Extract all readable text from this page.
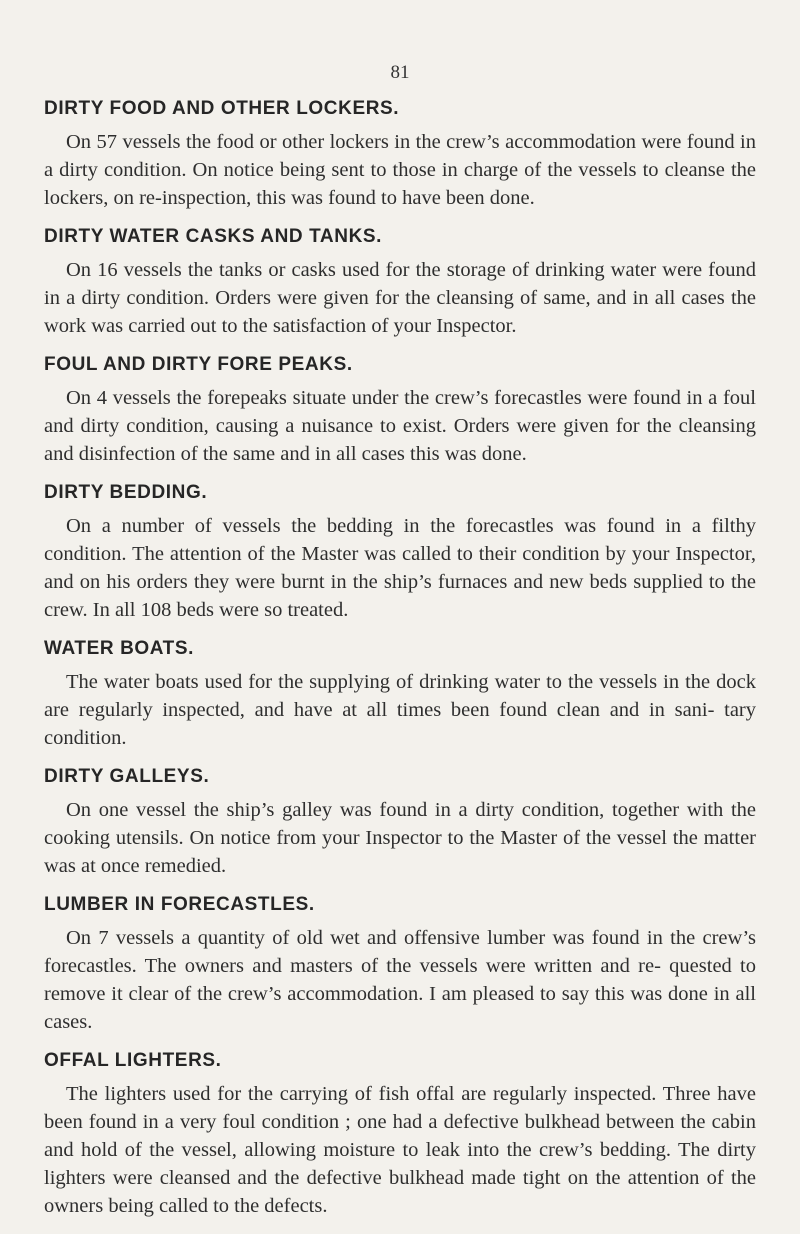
81
DIRTY FOOD AND OTHER LOCKERS.

On 57 vessels the food or other lockers in the crew’s accommodation were found in a dirty condition. On notice being sent to those in charge of the vessels to cleanse the lockers, on re-inspection, this was found to have been done.

DIRTY WATER CASKS AND TANKS.

On 16 vessels the tanks or casks used for the storage of drinking water were found in a dirty condition. Orders were given for the cleansing of same, and in all cases the work was carried out to the satisfaction of your Inspector.

FOUL AND DIRTY FORE PEAKS.

On 4 vessels the forepeaks situate under the crew’s forecastles were found in a foul and dirty condition, causing a nuisance to exist. Orders were given for the cleansing and disinfection of the same and in all cases this was done.

DIRTY BEDDING.

On a number of vessels the bedding in the forecastles was found in a filthy condition. The attention of the Master was called to their condition by your Inspector, and on his orders they were burnt in the ship’s furnaces and new beds supplied to the crew. In all 108 beds were so treated.

WATER BOATS.

The water boats used for the supplying of drinking water to the vessels in the dock are regularly inspected, and have at all times been found clean and in sani- tary condition.

DIRTY GALLEYS.

On one vessel the ship’s galley was found in a dirty condition, together with the cooking utensils. On notice from your Inspector to the Master of the vessel the matter was at once remedied.

LUMBER IN FORECASTLES.

On 7 vessels a quantity of old wet and offensive lumber was found in the crew’s forecastles. The owners and masters of the vessels were written and re- quested to remove it clear of the crew’s accommodation. I am pleased to say this was done in all cases.

OFFAL LIGHTERS.

The lighters used for the carrying of fish offal are regularly inspected. Three have been found in a very foul condition ; one had a defective bulkhead between the cabin and hold of the vessel, allowing moisture to leak into the crew’s bedding. The dirty lighters were cleansed and the defective bulkhead made tight on the attention of the owners being called to the defects.
